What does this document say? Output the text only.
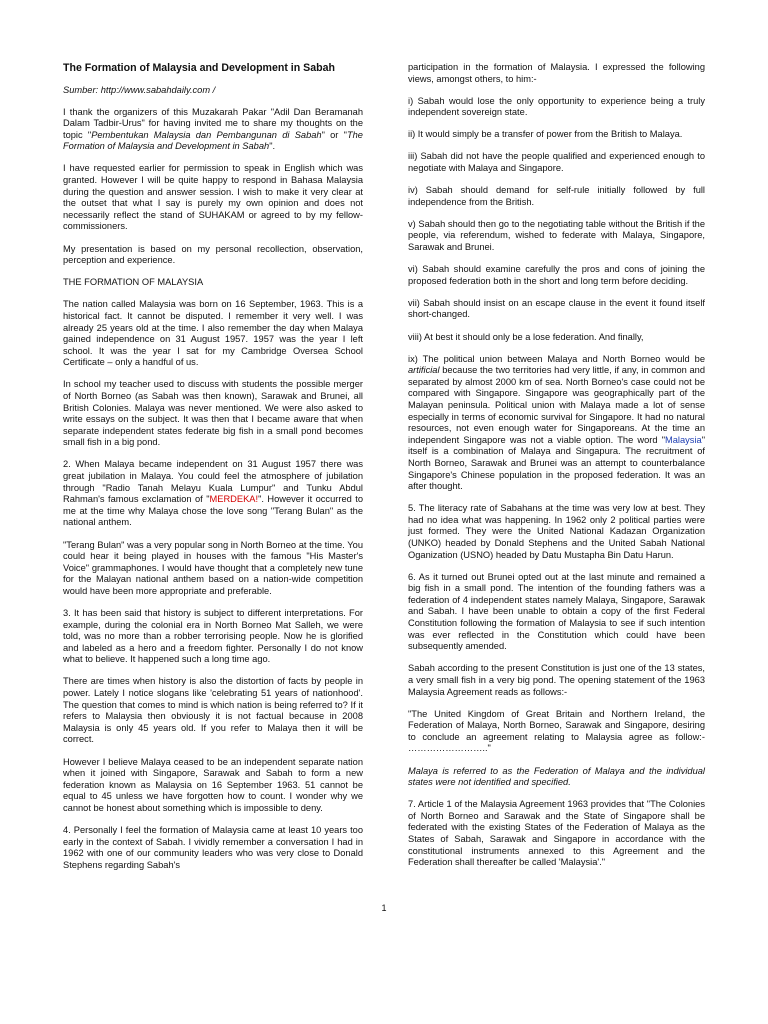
The Formation of Malaysia and Development in Sabah

Sumber: http://www.sabahdaily.com /

I thank the organizers of this Muzakarah Pakar "Adil Dan Beramanah Dalam Tadbir-Urus" for having invited me to share my thoughts on the topic "Pembentukan Malaysia dan Pembangunan di Sabah" or "The Formation of Malaysia and Development in Sabah".

I have requested earlier for permission to speak in English which was granted. However I will be quite happy to respond in Bahasa Malaysia during the question and answer session. I wish to make it very clear at the outset that what I say is purely my own opinion and does not necessarily reflect the stand of SUHAKAM or agreed to by my fellow-commissioners.

My presentation is based on my personal recollection, observation, perception and experience.

THE FORMATION OF MALAYSIA

The nation called Malaysia was born on 16 September, 1963. This is a historical fact. It cannot be disputed. I remember it very well. I was already 25 years old at the time. I also remember the day when Malaya gained independence on 31 August 1957. 1957 was the year I left school. It was the year I sat for my Cambridge Oversea School Certificate – only a handful of us.

In school my teacher used to discuss with students the possible merger of North Borneo (as Sabah was then known), Sarawak and Brunei, all British Colonies. Malaya was never mentioned. We were also asked to write essays on the subject. It was then that I became aware that when separate independent states federate big fish in a small pond becomes small fish in a big pond.

2. When Malaya became independent on 31 August 1957 there was great jubilation in Malaya. You could feel the atmosphere of jubilation through "Radio Tanah Melayu Kuala Lumpur" and Tunku Abdul Rahman's famous exclamation of "MERDEKA!". However it occurred to me at the time why Malaya chose the love song "Terang Bulan" as the national anthem.

"Terang Bulan" was a very popular song in North Borneo at the time. You could hear it being played in houses with the famous "His Master's Voice" grammaphones. I would have thought that a completely new tune for the Malayan national anthem based on a nation-wide competition would have been more appropriate and preferable.

3. It has been said that history is subject to different interpretations. For example, during the colonial era in North Borneo Mat Salleh, we were told, was no more than a robber terrorising people. Now he is glorified and labeled as a hero and a freedom fighter. Personally I do not know what to believe. It happened such a long time ago.

There are times when history is also the distortion of facts by people in power. Lately I notice slogans like 'celebrating 51 years of nationhood'. The question that comes to mind is which nation is being referred to? If it refers to Malaysia then obviously it is not factual because in 2008 Malaysia is only 45 years old. If you refer to Malaya then it will be correct.

However I believe Malaya ceased to be an independent separate nation when it joined with Singapore, Sarawak and Sabah to form a new federation known as Malaysia on 16 September 1963. 51 cannot be equal to 45 unless we have forgotten how to count. I wonder why we cannot be honest about something which is impossible to deny.

4. Personally I feel the formation of Malaysia came at least 10 years too early in the context of Sabah. I vividly remember a conversation I had in 1962 with one of our community leaders who was very close to Donald Stephens regarding Sabah's

participation in the formation of Malaysia. I expressed the following views, amongst others, to him:-

i) Sabah would lose the only opportunity to experience being a truly independent sovereign state.

ii) It would simply be a transfer of power from the British to Malaya.

iii) Sabah did not have the people qualified and experienced enough to negotiate with Malaya and Singapore.

iv) Sabah should demand for self-rule initially followed by full independence from the British.

v) Sabah should then go to the negotiating table without the British if the people, via referendum, wished to federate with Malaya, Singapore, Sarawak and Brunei.

vi) Sabah should examine carefully the pros and cons of joining the proposed federation both in the short and long term before deciding.

vii) Sabah should insist on an escape clause in the event it found itself short-changed.

viii) At best it should only be a lose federation. And finally,

ix) The political union between Malaya and North Borneo would be artificial because the two territories had very little, if any, in common and separated by almost 2000 km of sea. North Borneo's case could not be compared with Singapore. Singapore was geographically part of the Malayan peninsula. Political union with Malaya made a lot of sense especially in terms of economic survival for Singapore. It had no natural resources, not even enough water for Singaporeans. At the time an independent Singapore was not a viable option. The word "Malaysia" itself is a combination of Malaya and Singapura. The recruitment of North Borneo, Sarawak and Brunei was an attempt to counterbalance Singapore's Chinese population in the proposed federation. It was an after thought.

5. The literacy rate of Sabahans at the time was very low at best. They had no idea what was happening. In 1962 only 2 political parties were just formed. They were the United National Kadazan Organization (UNKO) headed by Donald Stephens and the United Sabah National Oganization (USNO) headed by Datu Mustapha Bin Datu Harun.

6. As it turned out Brunei opted out at the last minute and remained a big fish in a small pond. The intention of the founding fathers was a federation of 4 independent states namely Malaya, Singapore, Sarawak and Sabah. I have been unable to obtain a copy of the first Federal Constitution following the formation of Malaysia to see if such intention was ever reflected in the Constitution which could have been subsequently amended.

Sabah according to the present Constitution is just one of the 13 states, a very small fish in a very big pond. The opening statement of the 1963 Malaysia Agreement reads as follows:-

"The United Kingdom of Great Britain and Northern Ireland, the Federation of Malaya, North Borneo, Sarawak and Singapore, desiring to conclude an agreement relating to Malaysia agree as follow:- …………………….."

Malaya is referred to as the Federation of Malaya and the individual states were not identified and specified.

7. Article 1 of the Malaysia Agreement 1963 provides that "The Colonies of North Borneo and Sarawak and the State of Singapore shall be federated with the existing States of the Federation of Malaya as the States of Sabah, Sarawak and Singapore in accordance with the constitutional instruments annexed to this Agreement and the Federation shall thereafter be called 'Malaysia'."

1
